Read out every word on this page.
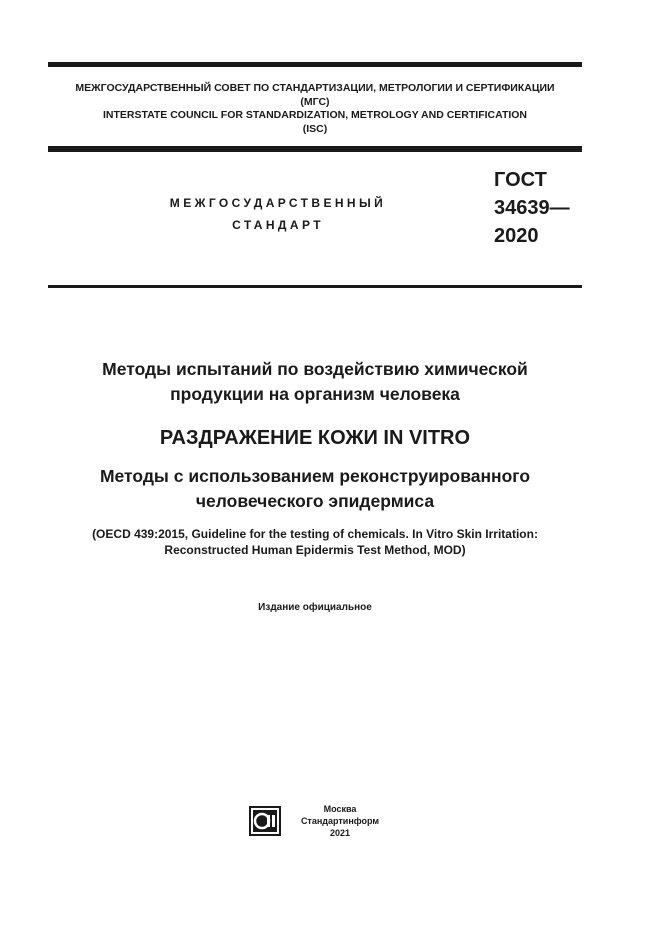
МЕЖГОСУДАРСТВЕННЫЙ СОВЕТ ПО СТАНДАРТИЗАЦИИ, МЕТРОЛОГИИ И СЕРТИФИКАЦИИ
(МГС)
INTERSTATE COUNCIL FOR STANDARDIZATION, METROLOGY AND CERTIFICATION
(ISC)
МЕЖГОСУДАРСТВЕННЫЙ
СТАНДАРТ
ГОСТ
34639—
2020
Методы испытаний по воздействию химической
продукции на организм человека
РАЗДРАЖЕНИЕ КОЖИ IN VITRO
Методы с использованием реконструированного
человеческого эпидермиса
(OECD 439:2015, Guideline for the testing of chemicals. In Vitro Skin Irritation:
Reconstructed Human Epidermis Test Method, MOD)
Издание официальное
Москва
Стандартинформ
2021
